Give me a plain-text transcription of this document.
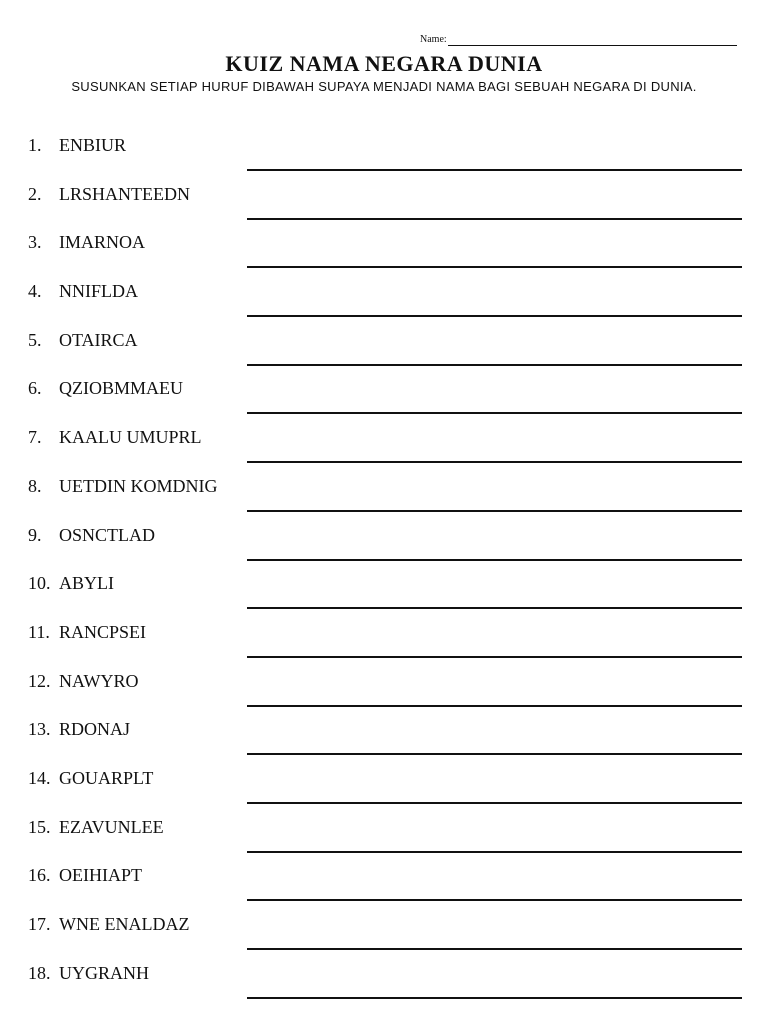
Name:
KUIZ NAMA NEGARA DUNIA
SUSUNKAN SETIAP HURUF DIBAWAH SUPAYA MENJADI NAMA BAGI SEBUAH NEGARA DI DUNIA.
1. ENBIUR
2. LRSHANTEEDN
3. IMARNOA
4. NNIFLDA
5. OTAIRCA
6. QZIOBMMAEU
7. KAALU UMUPRL
8. UETDIN KOMDNIG
9. OSNCTLAD
10. ABYLI
11. RANCPSEI
12. NAWYRO
13. RDONAJ
14. GOUARPLT
15. EZAVUNLEE
16. OEIHIAPT
17. WNE ENALDAZ
18. UYGRANH
